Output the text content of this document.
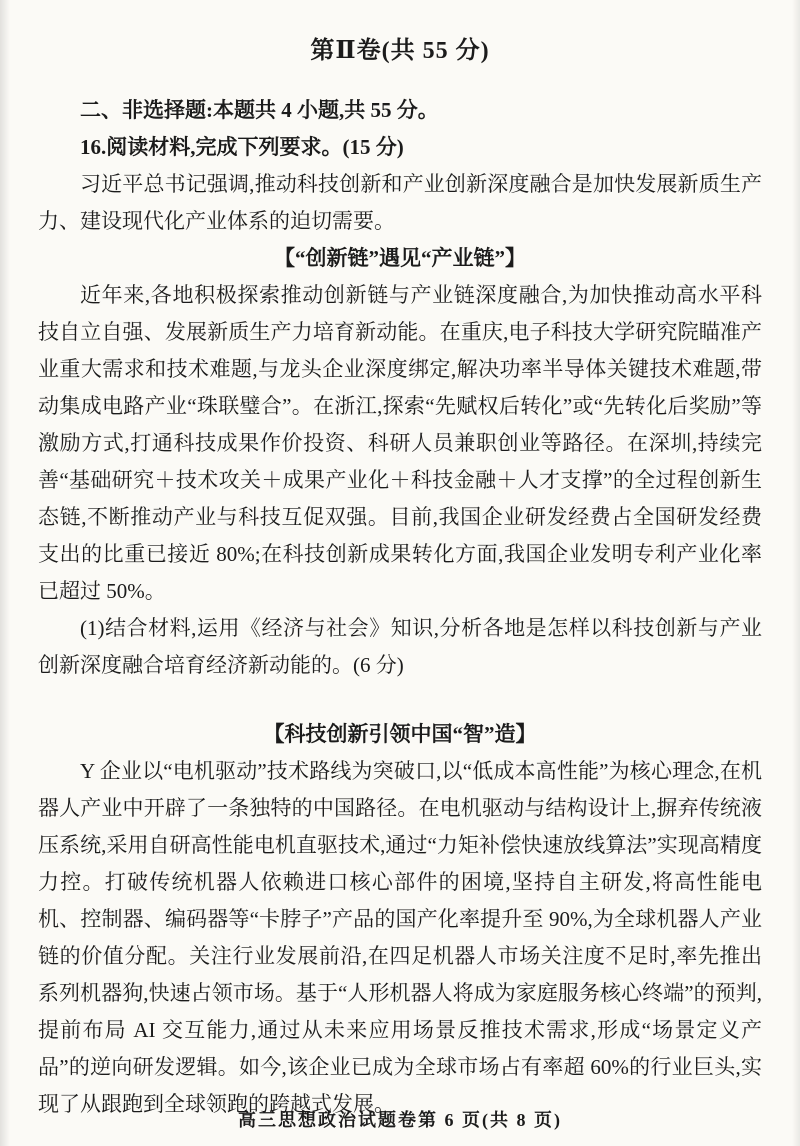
第Ⅱ卷(共 55 分)

二、非选择题:本题共 4 小题,共 55 分。

16.阅读材料,完成下列要求。(15 分)

习近平总书记强调,推动科技创新和产业创新深度融合是加快发展新质生产力、建设现代化产业体系的迫切需要。

【“创新链”遇见“产业链”】

近年来,各地积极探索推动创新链与产业链深度融合,为加快推动高水平科技自立自强、发展新质生产力培育新动能。在重庆,电子科技大学研究院瞄准产业重大需求和技术难题,与龙头企业深度绑定,解决功率半导体关键技术难题,带动集成电路产业“珠联璧合”。在浙江,探索“先赋权后转化”或“先转化后奖励”等激励方式,打通科技成果作价投资、科研人员兼职创业等路径。在深圳,持续完善“基础研究＋技术攻关＋成果产业化＋科技金融＋人才支撑”的全过程创新生态链,不断推动产业与科技互促双强。目前,我国企业研发经费占全国研发经费支出的比重已接近 80%;在科技创新成果转化方面,我国企业发明专利产业化率已超过 50%。

(1)结合材料,运用《经济与社会》知识,分析各地是怎样以科技创新与产业创新深度融合培育经济新动能的。(6 分)

【科技创新引领中国“智”造】

Y 企业以“电机驱动”技术路线为突破口,以“低成本高性能”为核心理念,在机器人产业中开辟了一条独特的中国路径。在电机驱动与结构设计上,摒弃传统液压系统,采用自研高性能电机直驱技术,通过“力矩补偿快速放线算法”实现高精度力控。打破传统机器人依赖进口核心部件的困境,坚持自主研发,将高性能电机、控制器、编码器等“卡脖子”产品的国产化率提升至 90%,为全球机器人产业链的价值分配。关注行业发展前沿,在四足机器人市场关注度不足时,率先推出系列机器狗,快速占领市场。基于“人形机器人将成为家庭服务核心终端”的预判,提前布局 AI 交互能力,通过从未来应用场景反推技术需求,形成“场景定义产品”的逆向研发逻辑。如今,该企业已成为全球市场占有率超 60%的行业巨头,实现了从跟跑到全球领跑的跨越式发展。

高三思想政治试题卷第 6 页(共 8 页)
